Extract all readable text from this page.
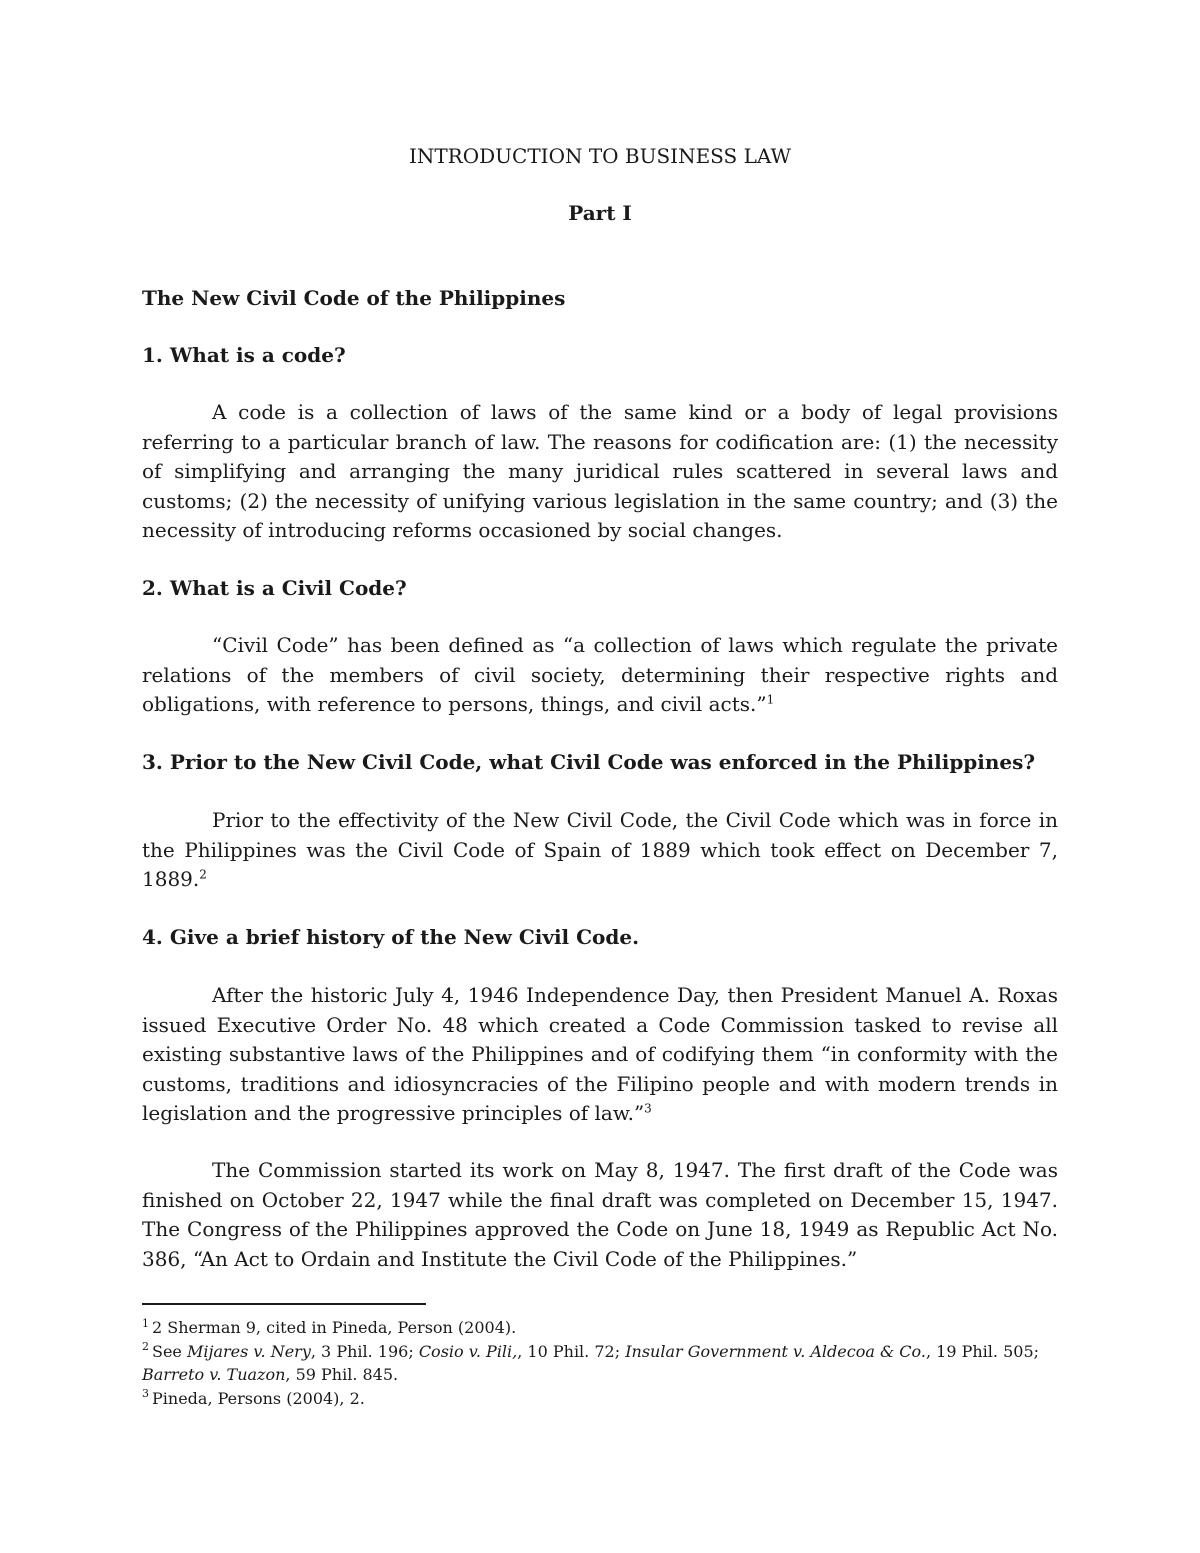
INTRODUCTION TO BUSINESS LAW
Part I
The New Civil Code of the Philippines
1. What is a code?

A code is a collection of laws of the same kind or a body of legal provisions referring to a particular branch of law. The reasons for codification are: (1) the necessity of simplifying and arranging the many juridical rules scattered in several laws and customs; (2) the necessity of unifying various legislation in the same country; and (3) the necessity of introducing reforms occasioned by social changes.

2. What is a Civil Code?

“Civil Code” has been defined as “a collection of laws which regulate the private relations of the members of civil society, determining their respective rights and obligations, with reference to persons, things, and civil acts.”$^1$

3. Prior to the New Civil Code, what Civil Code was enforced in the Philippines?

Prior to the effectivity of the New Civil Code, the Civil Code which was in force in the Philippines was the Civil Code of Spain of 1889 which took effect on December 7, 1889.$^2$

4. Give a brief history of the New Civil Code.

After the historic July 4, 1946 Independence Day, then President Manuel A. Roxas issued Executive Order No. 48 which created a Code Commission tasked to revise all existing substantive laws of the Philippines and of codifying them “in conformity with the customs, traditions and idiosyncracies of the Filipino people and with modern trends in legislation and the progressive principles of law.”$^3$

The Commission started its work on May 8, 1947. The first draft of the Code was finished on October 22, 1947 while the final draft was completed on December 15, 1947. The Congress of the Philippines approved the Code on June 18, 1949 as Republic Act No. 386, “An Act to Ordain and Institute the Civil Code of the Philippines.”

$^1$ 2 Sherman 9, cited in Pineda, Person (2004).

$^2$ See Mijares v. Nery, 3 Phil. 196; Cosio v. Pili,, 10 Phil. 72; Insular Government v. Aldecoa & Co., 19 Phil. 505; Barreto v. Tuazon, 59 Phil. 845.

$^3$ Pineda, Persons (2004), 2.
